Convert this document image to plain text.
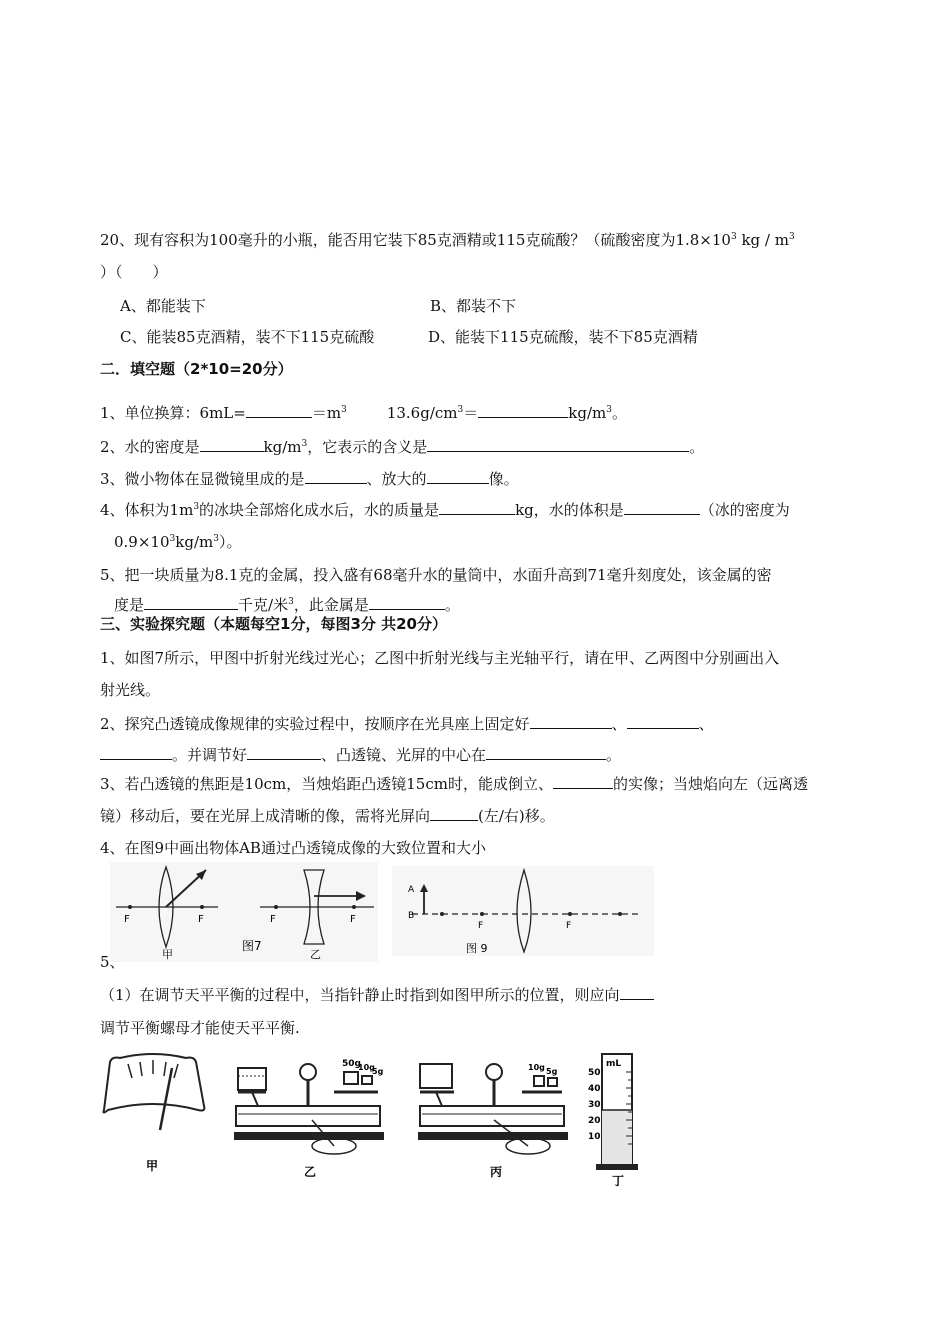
20、现有容积为100毫升的小瓶，能否用它装下85克酒精或115克硫酸？（硫酸密度为$1.8\times 10^3$ kg / $m^3$
）（　　）
A、都能装下	B、都装不下
C、能装85克酒精，装不下115克硫酸	D、能装下115克硫酸，装不下85克酒精
二．填空题（2*10=20分）
1、单位换算：6mL=	$=m^3$	$13.6g/cm^3=$	$kg/m^3$。
2、水的密度是	$kg/m^3$，它表示的含义是	。
3、微小物体在显微镜里成的是	、放大的	像。
4、体积为$1m^3$的冰块全部熔化成水后，水的质量是	kg，水的体积是	（冰的密度为
$0.9\times 10^3kg/m^3$）。
5、把一块质量为8.1克的金属，投入盛有68毫升水的量筒中，水面升高到71毫升刻度处，该金属的密
度是	千克/米$^3$，此金属是	。
三、实验探究题（本题每空1分，每图3分 共20分）
1、如图7所示，甲图中折射光线过光心；乙图中折射光线与主光轴平行，请在甲、乙两图中分别画出入
射光线。
2、探究凸透镜成像规律的实验过程中，按顺序在光具座上固定好	、	、
。并调节好	、凸透镜、光屏的中心在	。
3、若凸透镜的焦距是10cm，当烛焰距凸透镜15cm时，能成倒立、	的实像；当烛焰向左（远离透
镜）移动后，要在光屏上成清晰的像，需将光屏向	(左/右)移。
4、在图9中画出物体AB通过凸透镜成像的大致位置和大小
F	F
甲
F	F
乙
图7
A
B
F	F
图 9
5、
（1）在调节天平平衡的过程中，当指针静止时指到如图甲所示的位置，则应向
调节平衡螺母才能使天平平衡.
甲
50g
10g
5g
乙
10g 5g
丙
mL
50
40
30
20
10
丁
